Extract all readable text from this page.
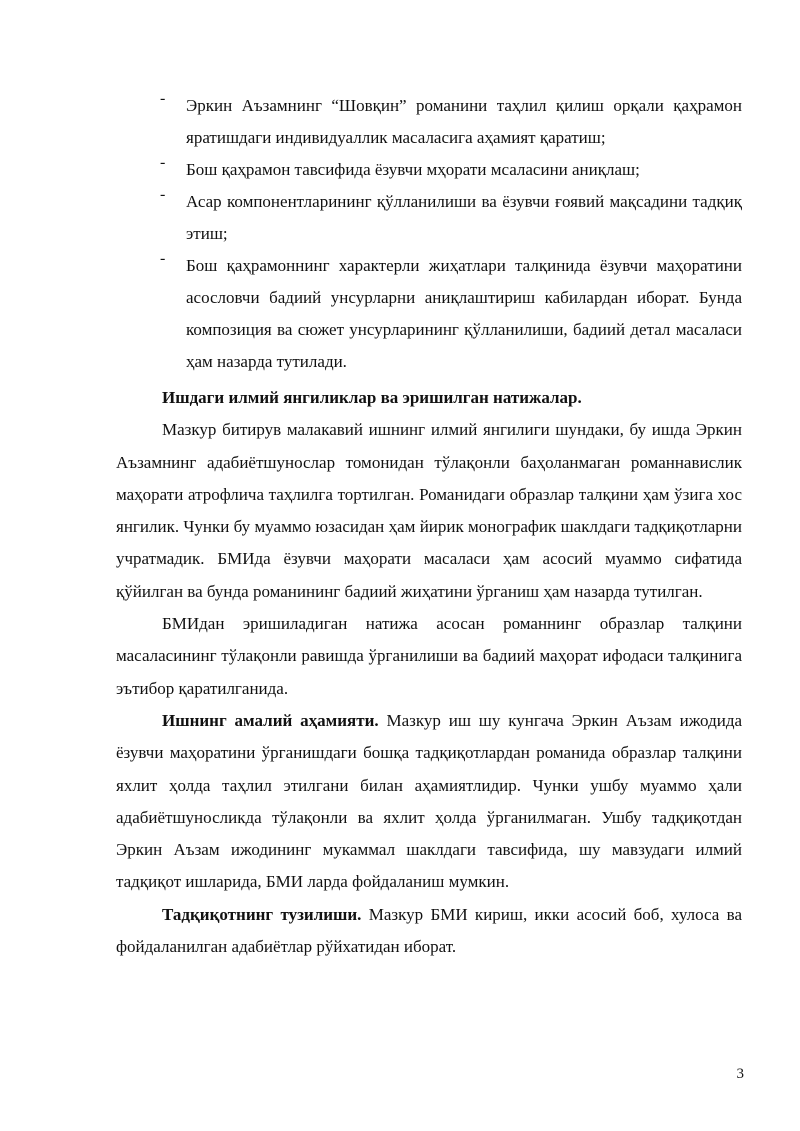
- Эркин Аъзамнинг “Шовқин” романини таҳлил қилиш орқали қаҳрамон яратишдаги индивидуаллик масаласига аҳамият қаратиш;
- Бош қаҳрамон тавсифида ёзувчи мҳорати мсаласини аниқлаш;
- Асар компонентларининг қўлланилиши ва ёзувчи ғоявий мақсадини тадқиқ этиш;
- Бош қаҳрамоннинг характерли жиҳатлари талқинида ёзувчи маҳоратини асословчи бадиий унсурларни аниқлаштириш кабилардан иборат. Бунда композиция ва сюжет унсурларининг қўлланилиши, бадиий детал масаласи ҳам назарда тутилади.

Ишдаги илмий янгиликлар ва эришилган натижалар.

Мазкур битирув малакавий ишнинг илмий янгилиги шундаки, бу ишда Эркин Аъзамнинг адабиётшунослар томонидан тўлақонли баҳоланмаган романнавислик маҳорати атрофлича таҳлилга тортилган. Романидаги образлар талқини ҳам ўзига хос янгилик. Чунки бу муаммо юзасидан ҳам йирик монографик шаклдаги тадқиқотларни учратмадик. БМИда ёзувчи маҳорати масаласи ҳам асосий муаммо сифатида қўйилган ва бунда романининг бадиий жиҳатини ўрганиш ҳам назарда тутилган.

БМИдан эришиладиган натижа асосан романнинг образлар талқини масаласининг тўлақонли равишда ўрганилиши ва бадиий маҳорат ифодаси талқинига эътибор қаратилганида.

Ишнинг амалий аҳамияти. Мазкур иш шу кунгача Эркин Аъзам ижодида ёзувчи маҳоратини ўрганишдаги бошқа тадқиқотлардан романида образлар талқини яхлит ҳолда таҳлил этилгани билан аҳамиятлидир. Чунки ушбу муаммо ҳали адабиётшуносликда тўлақонли ва яхлит ҳолда ўрганилмаган. Ушбу тадқиқотдан Эркин Аъзам ижодининг мукаммал шаклдаги тавсифида, шу мавзудаги илмий тадқиқот ишларида, БМИ ларда фойдаланиш мумкин.

Тадқиқотнинг тузилиши. Мазкур БМИ кириш, икки асосий боб, хулоса ва фойдаланилган адабиётлар рўйхатидан иборат.

3
